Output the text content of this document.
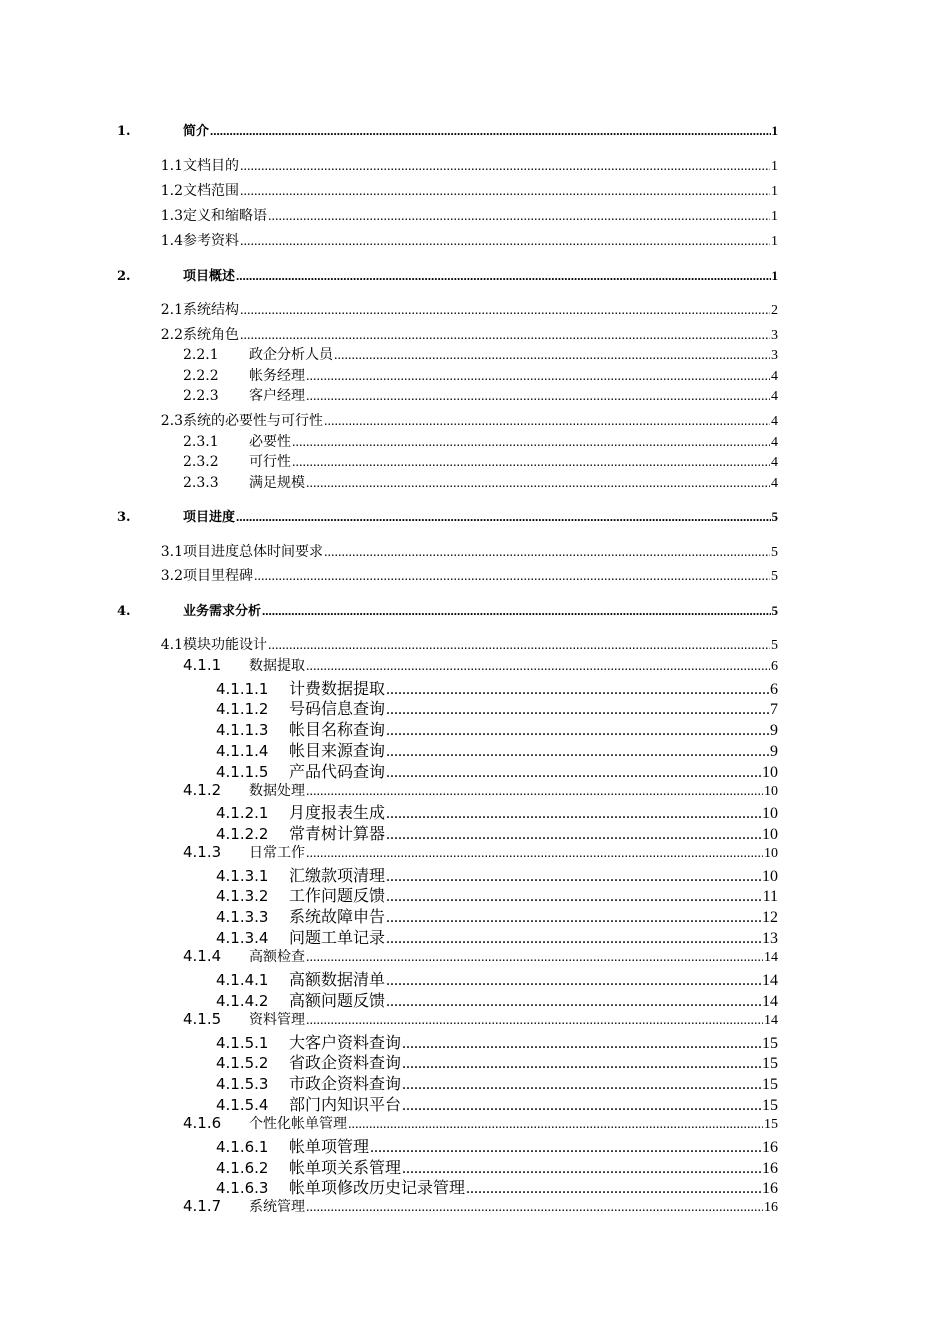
1.	简介 .....	1
1.1 文档目的 .....	1
1.2 文档范围 .....	1
1.3 定义和缩略语 .....	1
1.4 参考资料 .....	1
2.	项目概述 .....	1
2.1 系统结构 .....	2
2.2 系统角色 .....	3
2.2.1	政企分析人员 .....	3
2.2.2	帐务经理 .....	4
2.2.3	客户经理 .....	4
2.3 系统的必要性与可行性 .....	4
2.3.1	必要性 .....	4
2.3.2	可行性 .....	4
2.3.3	满足规模 .....	4
3.	项目进度 .....	5
3.1 项目进度总体时间要求 .....	5
3.2 项目里程碑 .....	5
4.	业务需求分析 .....	5
4.1 模块功能设计 .....	5
4.1.1	数据提取 .....	6
4.1.1.1	计费数据提取 .....	6
4.1.1.2	号码信息查询 .....	7
4.1.1.3	帐目名称查询 .....	9
4.1.1.4	帐目来源查询 .....	9
4.1.1.5	产品代码查询 .....	10
4.1.2	数据处理 .....	10
4.1.2.1	月度报表生成 .....	10
4.1.2.2	常青树计算器 .....	10
4.1.3	日常工作 .....	10
4.1.3.1	汇缴款项清理 .....	10
4.1.3.2	工作问题反馈 .....	11
4.1.3.3	系统故障申告 .....	12
4.1.3.4	问题工单记录 .....	13
4.1.4	高额检查 .....	14
4.1.4.1	高额数据清单 .....	14
4.1.4.2	高额问题反馈 .....	14
4.1.5	资料管理 .....	14
4.1.5.1	大客户资料查询 .....	15
4.1.5.2	省政企资料查询 .....	15
4.1.5.3	市政企资料查询 .....	15
4.1.5.4	部门内知识平台 .....	15
4.1.6	个性化帐单管理 .....	15
4.1.6.1	帐单项管理 .....	16
4.1.6.2	帐单项关系管理 .....	16
4.1.6.3	帐单项修改历史记录管理 .....	16
4.1.7	系统管理 .....	16
